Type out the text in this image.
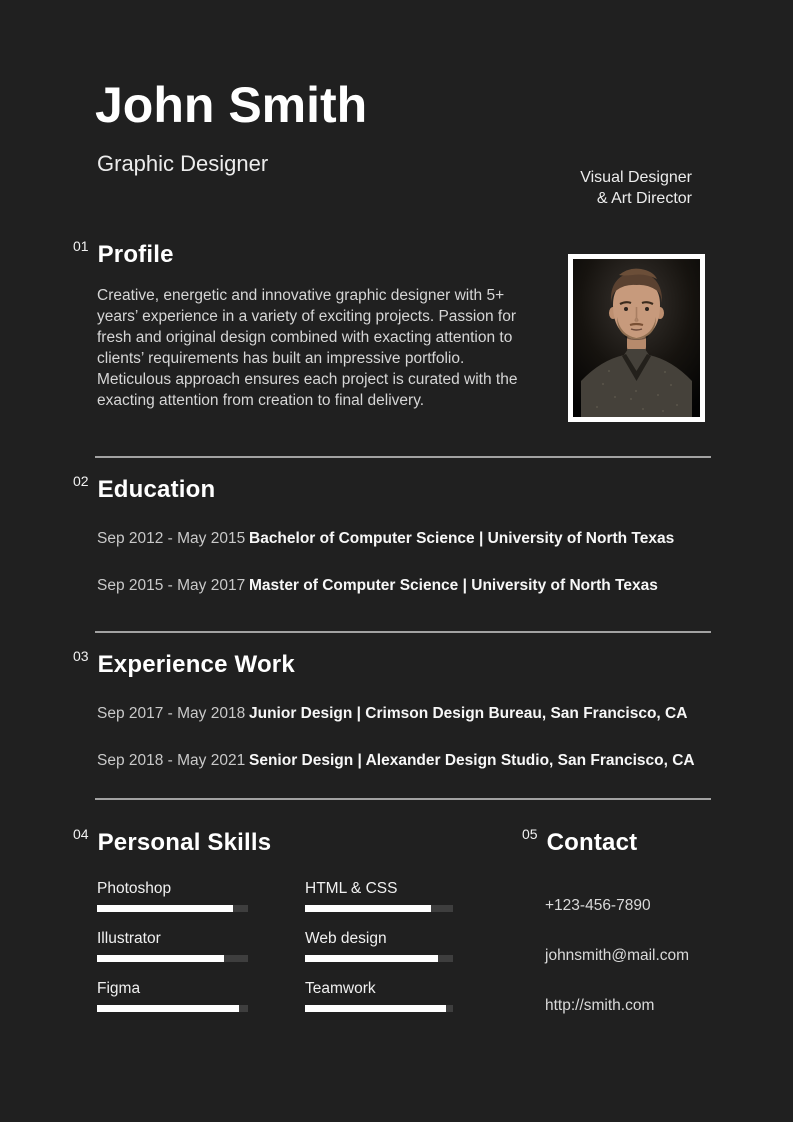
John Smith
Graphic Designer
Visual Designer
& Art Director
01 Profile
Creative, energetic and innovative graphic designer with 5+ years’ experience in a variety of exciting projects. Passion for fresh and original design combined with exacting attention to clients’ requirements has built an impressive portfolio. Meticulous approach ensures each project is curated with the exacting attention from creation to final delivery.
02 Education
Sep 2012 - May 2015 Bachelor of Computer Science | University of North Texas
Sep 2015 - May 2017 Master of Computer Science | University of North Texas
03 Experience Work
Sep 2017 - May 2018 Junior Design | Crimson Design Bureau, San Francisco, CA
Sep 2018 - May 2021 Senior Design | Alexander Design Studio, San Francisco, CA
04 Personal Skills
Photoshop	HTML & CSS
Illustrator	Web design
Figma	Teamwork
05 Contact
+123-456-7890
johnsmith@mail.com
http://smith.com
